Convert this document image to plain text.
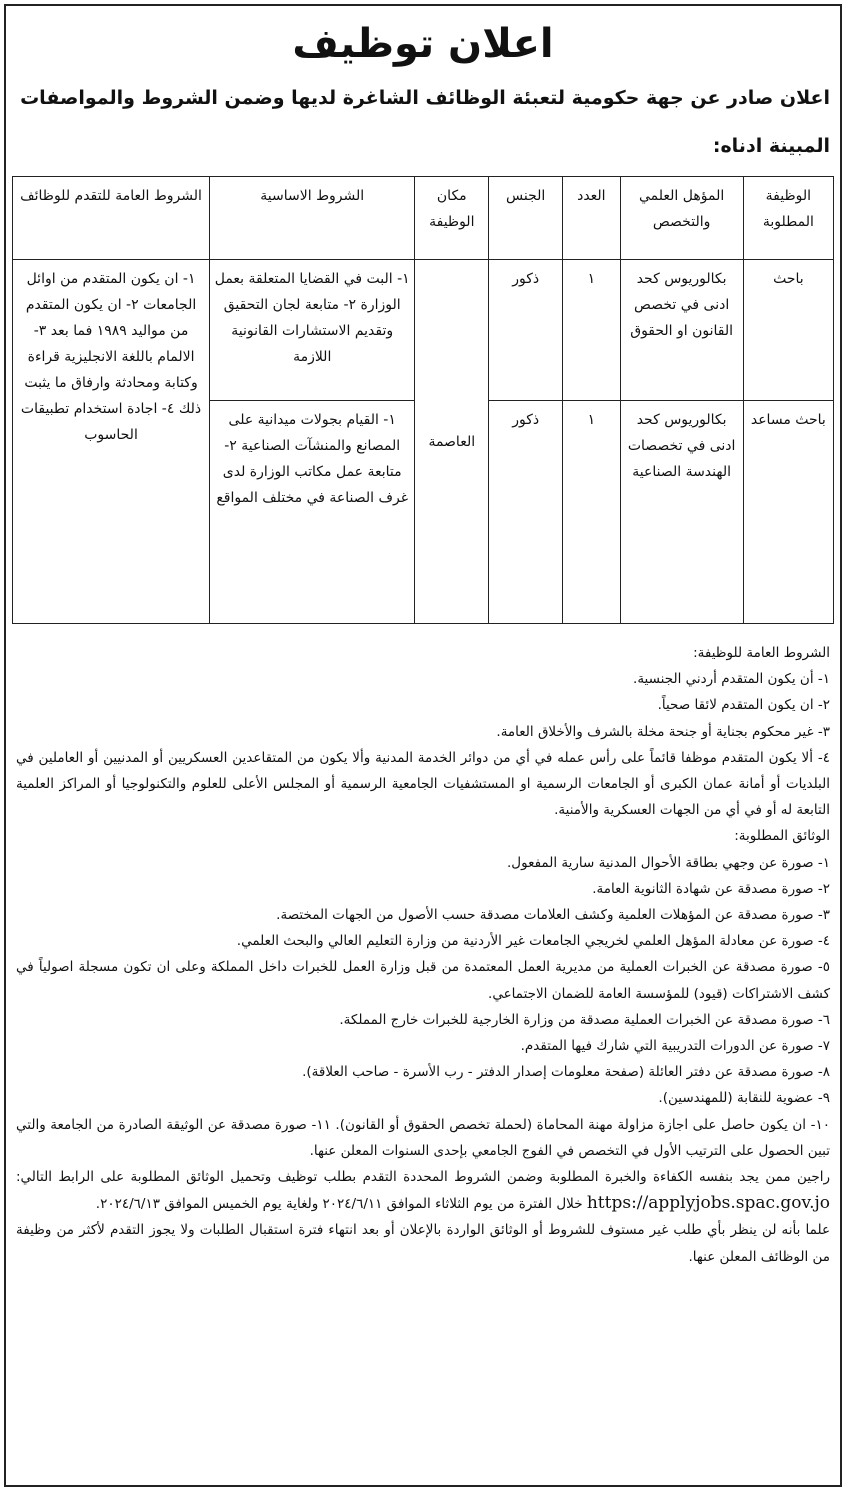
اعلان توظيف
اعلان صادر عن جهة حكومية لتعبئة الوظائف الشاغرة لديها وضمن الشروط والمواصفات المبينة ادناه:
الوظيفة المطلوبة	المؤهل العلمي والتخصص	العدد	الجنس	مكان الوظيفة	الشروط الاساسية	الشروط العامة للتقدم للوظائف
باحث	بكالوريوس كحد ادنى في تخصص القانون او الحقوق	١	ذكور	العاصمة	١- البت في القضايا المتعلقة بعمل الوزارة ٢- متابعة لجان التحقيق وتقديم الاستشارات القانونية اللازمة	١- ان يكون المتقدم من اوائل الجامعات ٢- ان يكون المتقدم من مواليد ١٩٨٩ فما بعد ٣- الالمام باللغة الانجليزية قراءة وكتابة ومحادثة وارفاق ما يثبت ذلك ٤- اجادة استخدام تطبيقات الحاسوب
باحث مساعد	بكالوريوس كحد ادنى في تخصصات الهندسة الصناعية	١	ذكور		١- القيام بجولات ميدانية على المصانع والمنشآت الصناعية ٢- متابعة عمل مكاتب الوزارة لدى غرف الصناعة في مختلف المواقع	

الشروط العامة للوظيفة:

١- أن يكون المتقدم أردني الجنسية.

٢- ان يكون المتقدم لائقا صحياً.

٣- غير محكوم بجناية أو جنحة مخلة بالشرف والأخلاق العامة.

٤- ألا يكون المتقدم موظفا قائماً على رأس عمله في أي من دوائر الخدمة المدنية وألا يكون من المتقاعدين العسكريين أو المدنيين أو العاملين في البلديات أو أمانة عمان الكبرى أو الجامعات الرسمية او المستشفيات الجامعية الرسمية أو المجلس الأعلى للعلوم والتكنولوجيا أو المراكز العلمية التابعة له أو في أي من الجهات العسكرية والأمنية.

الوثائق المطلوبة:

١- صورة عن وجهي بطاقة الأحوال المدنية سارية المفعول.

٢- صورة مصدقة عن شهادة الثانوية العامة.

٣- صورة مصدقة عن المؤهلات العلمية وكشف العلامات مصدقة حسب الأصول من الجهات المختصة.

٤- صورة عن معادلة المؤهل العلمي لخريجي الجامعات غير الأردنية من وزارة التعليم العالي والبحث العلمي.

٥- صورة مصدقة عن الخبرات العملية من مديرية العمل المعتمدة من قبل وزارة العمل للخبرات داخل المملكة وعلى ان تكون مسجلة اصولياً في كشف الاشتراكات (قيود) للمؤسسة العامة للضمان الاجتماعي.

٦- صورة مصدقة عن الخبرات العملية مصدقة من وزارة الخارجية للخبرات خارج المملكة.

٧- صورة عن الدورات التدريبية التي شارك فيها المتقدم.

٨- صورة مصدقة عن دفتر العائلة (صفحة معلومات إصدار الدفتر - رب الأسرة - صاحب العلاقة).

٩- عضوية للنقابة (للمهندسين).

١٠- ان يكون حاصل على اجازة مزاولة مهنة المحاماة (لحملة تخصص الحقوق أو القانون). ١١- صورة مصدقة عن الوثيقة الصادرة من الجامعة والتي تبين الحصول على الترتيب الأول في التخصص في الفوج الجامعي بإحدى السنوات المعلن عنها.

راجين ممن يجد بنفسه الكفاءة والخبرة المطلوبة وضمن الشروط المحددة التقدم بطلب توظيف وتحميل الوثائق المطلوبة على الرابط التالي: https://applyjobs.spac.gov.jo خلال الفترة من يوم الثلاثاء الموافق ٢٠٢٤/٦/١١ ولغاية يوم الخميس الموافق ٢٠٢٤/٦/١٣.

علما بأنه لن ينظر بأي طلب غير مستوف للشروط أو الوثائق الواردة بالإعلان أو بعد انتهاء فترة استقبال الطلبات ولا يجوز التقدم لأكثر من وظيفة من الوظائف المعلن عنها.
